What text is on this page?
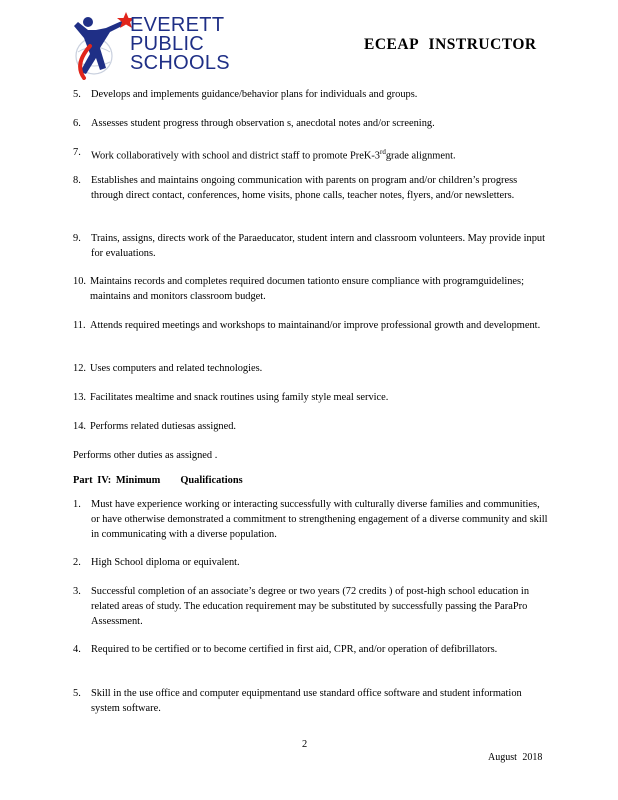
EVERETT
PUBLIC
SCHOOLS
ECEAP INSTRUCTOR
5. Develops and implements guidance/behavior plans for individuals and groups.
6. Assesses student progress through observation s, anecdotal notes and/or screening.
7. Work collaboratively with school and district staff to promote PreK-3rdgrade alignment.
8. Establishes and maintains ongoing communication with parents on program and/or children’s progress through direct contact, conferences, home visits, phone calls, teacher notes, flyers, and/or newsletters.
9. Trains, assigns, directs work of the Paraeducator, student intern and classroom volunteers. May provide input for evaluations.
10. Maintains records and completes required documen tationto ensure compliance with programguidelines; maintains and monitors classroom budget.
11. Attends required meetings and workshops to maintainand/or improve professional growth and development.
12. Uses computers and related technologies.
13. Facilitates mealtime and snack routines using family style meal service.
14. Performs related dutiesas assigned.
Performs other duties as assigned .
Part IV: Minimum Qualifications
1. Must have experience working or interacting successfully with culturally diverse families and communities, or have otherwise demonstrated a commitment to strengthening engagement of a diverse community and skill in communicating with a diverse population.
2. High School diploma or equivalent.
3. Successful completion of an associate’s degree or two years (72 credits ) of post-high school education in related areas of study. The education requirement may be substituted by successfully passing the ParaPro Assessment.
4. Required to be certified or to become certified in first aid, CPR, and/or operation of defibrillators.
5. Skill in the use office and computer equipmentand use standard office software and student information system software.
2
August 2018
